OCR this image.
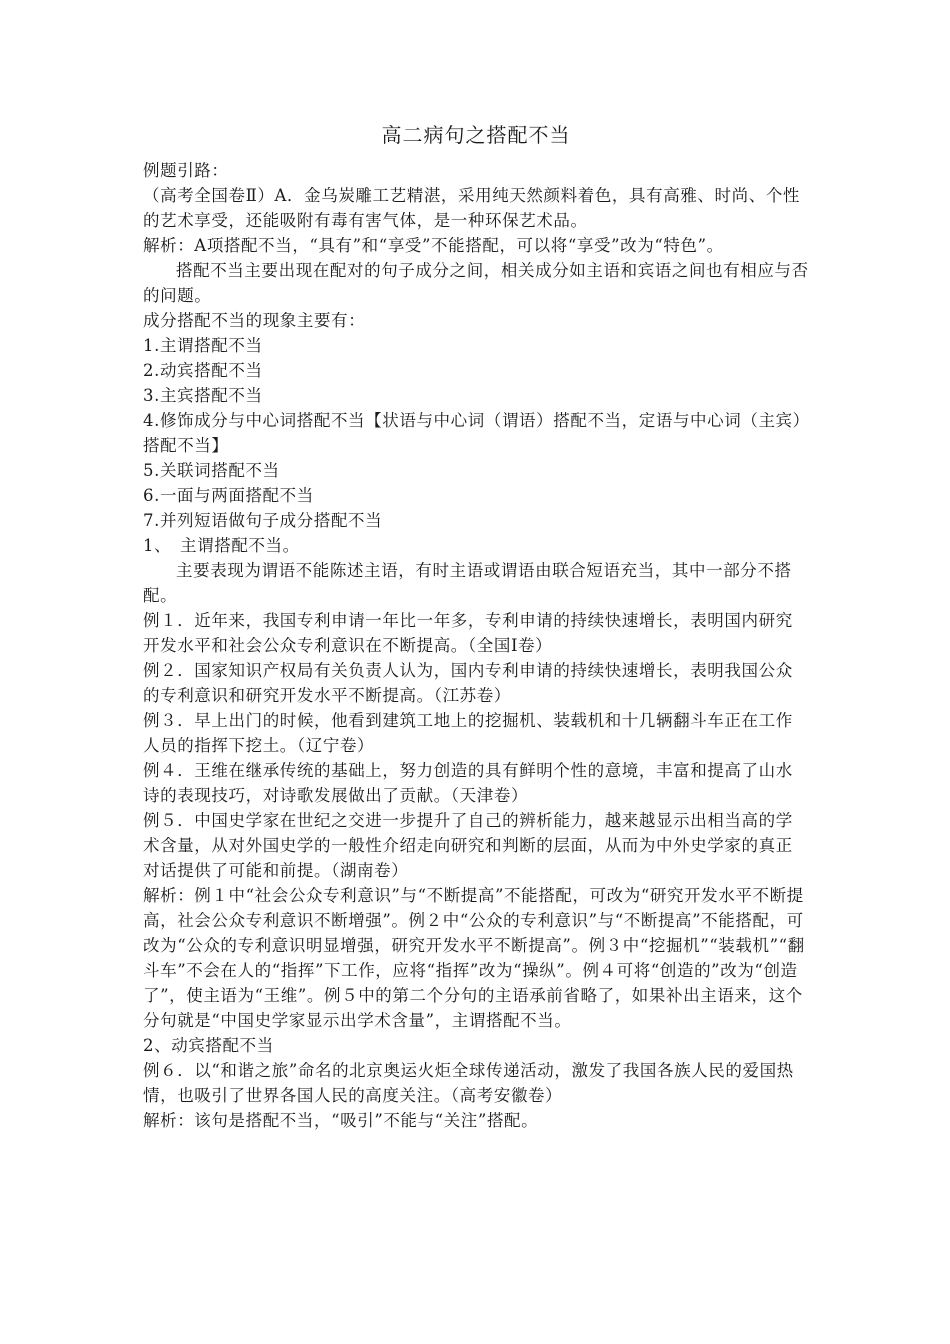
高二病句之搭配不当

例题引路：

（高考全国卷Ⅱ）A．金乌炭雕工艺精湛，采用纯天然颜料着色，具有高雅、时尚、个性的艺术享受，还能吸附有毒有害气体，是一种环保艺术品。

解析：A项搭配不当，“具有”和“享受”不能搭配，可以将“享受”改为“特色”。

搭配不当主要出现在配对的句子成分之间，相关成分如主语和宾语之间也有相应与否的问题。

成分搭配不当的现象主要有：

1.主谓搭配不当

2.动宾搭配不当

3.主宾搭配不当

4.修饰成分与中心词搭配不当【状语与中心词（谓语）搭配不当，定语与中心词（主宾）搭配不当】

5.关联词搭配不当

6.一面与两面搭配不当

7.并列短语做句子成分搭配不当

1、　主谓搭配不当。

主要表现为谓语不能陈述主语，有时主语或谓语由联合短语充当，其中一部分不搭配。

例１．近年来，我国专利申请一年比一年多，专利申请的持续快速增长，表明国内研究开发水平和社会公众专利意识在不断提高。（全国Ⅰ卷）

例２．国家知识产权局有关负责人认为，国内专利申请的持续快速增长，表明我国公众的专利意识和研究开发水平不断提高。（江苏卷）

例３．早上出门的时候，他看到建筑工地上的挖掘机、装载机和十几辆翻斗车正在工作人员的指挥下挖土。（辽宁卷）

例４．王维在继承传统的基础上，努力创造的具有鲜明个性的意境，丰富和提高了山水诗的表现技巧，对诗歌发展做出了贡献。（天津卷）

例５．中国史学家在世纪之交进一步提升了自己的辨析能力，越来越显示出相当高的学术含量，从对外国史学的一般性介绍走向研究和判断的层面，从而为中外史学家的真正对话提供了可能和前提。（湖南卷）

解析：例１中“社会公众专利意识”与“不断提高”不能搭配，可改为“研究开发水平不断提高，社会公众专利意识不断增强”。例２中“公众的专利意识”与“不断提高”不能搭配，可改为“公众的专利意识明显增强，研究开发水平不断提高”。例３中“挖掘机”“装载机”“翻斗车”不会在人的“指挥”下工作，应将“指挥”改为“操纵”。例４可将“创造的”改为“创造了”，使主语为“王维”。例５中的第二个分句的主语承前省略了，如果补出主语来，这个分句就是“中国史学家显示出学术含量”，主谓搭配不当。

2、动宾搭配不当

例６．以“和谐之旅”命名的北京奥运火炬全球传递活动，激发了我国各族人民的爱国热情，也吸引了世界各国人民的高度关注。（高考安徽卷）

解析：该句是搭配不当，“吸引”不能与“关注”搭配。
